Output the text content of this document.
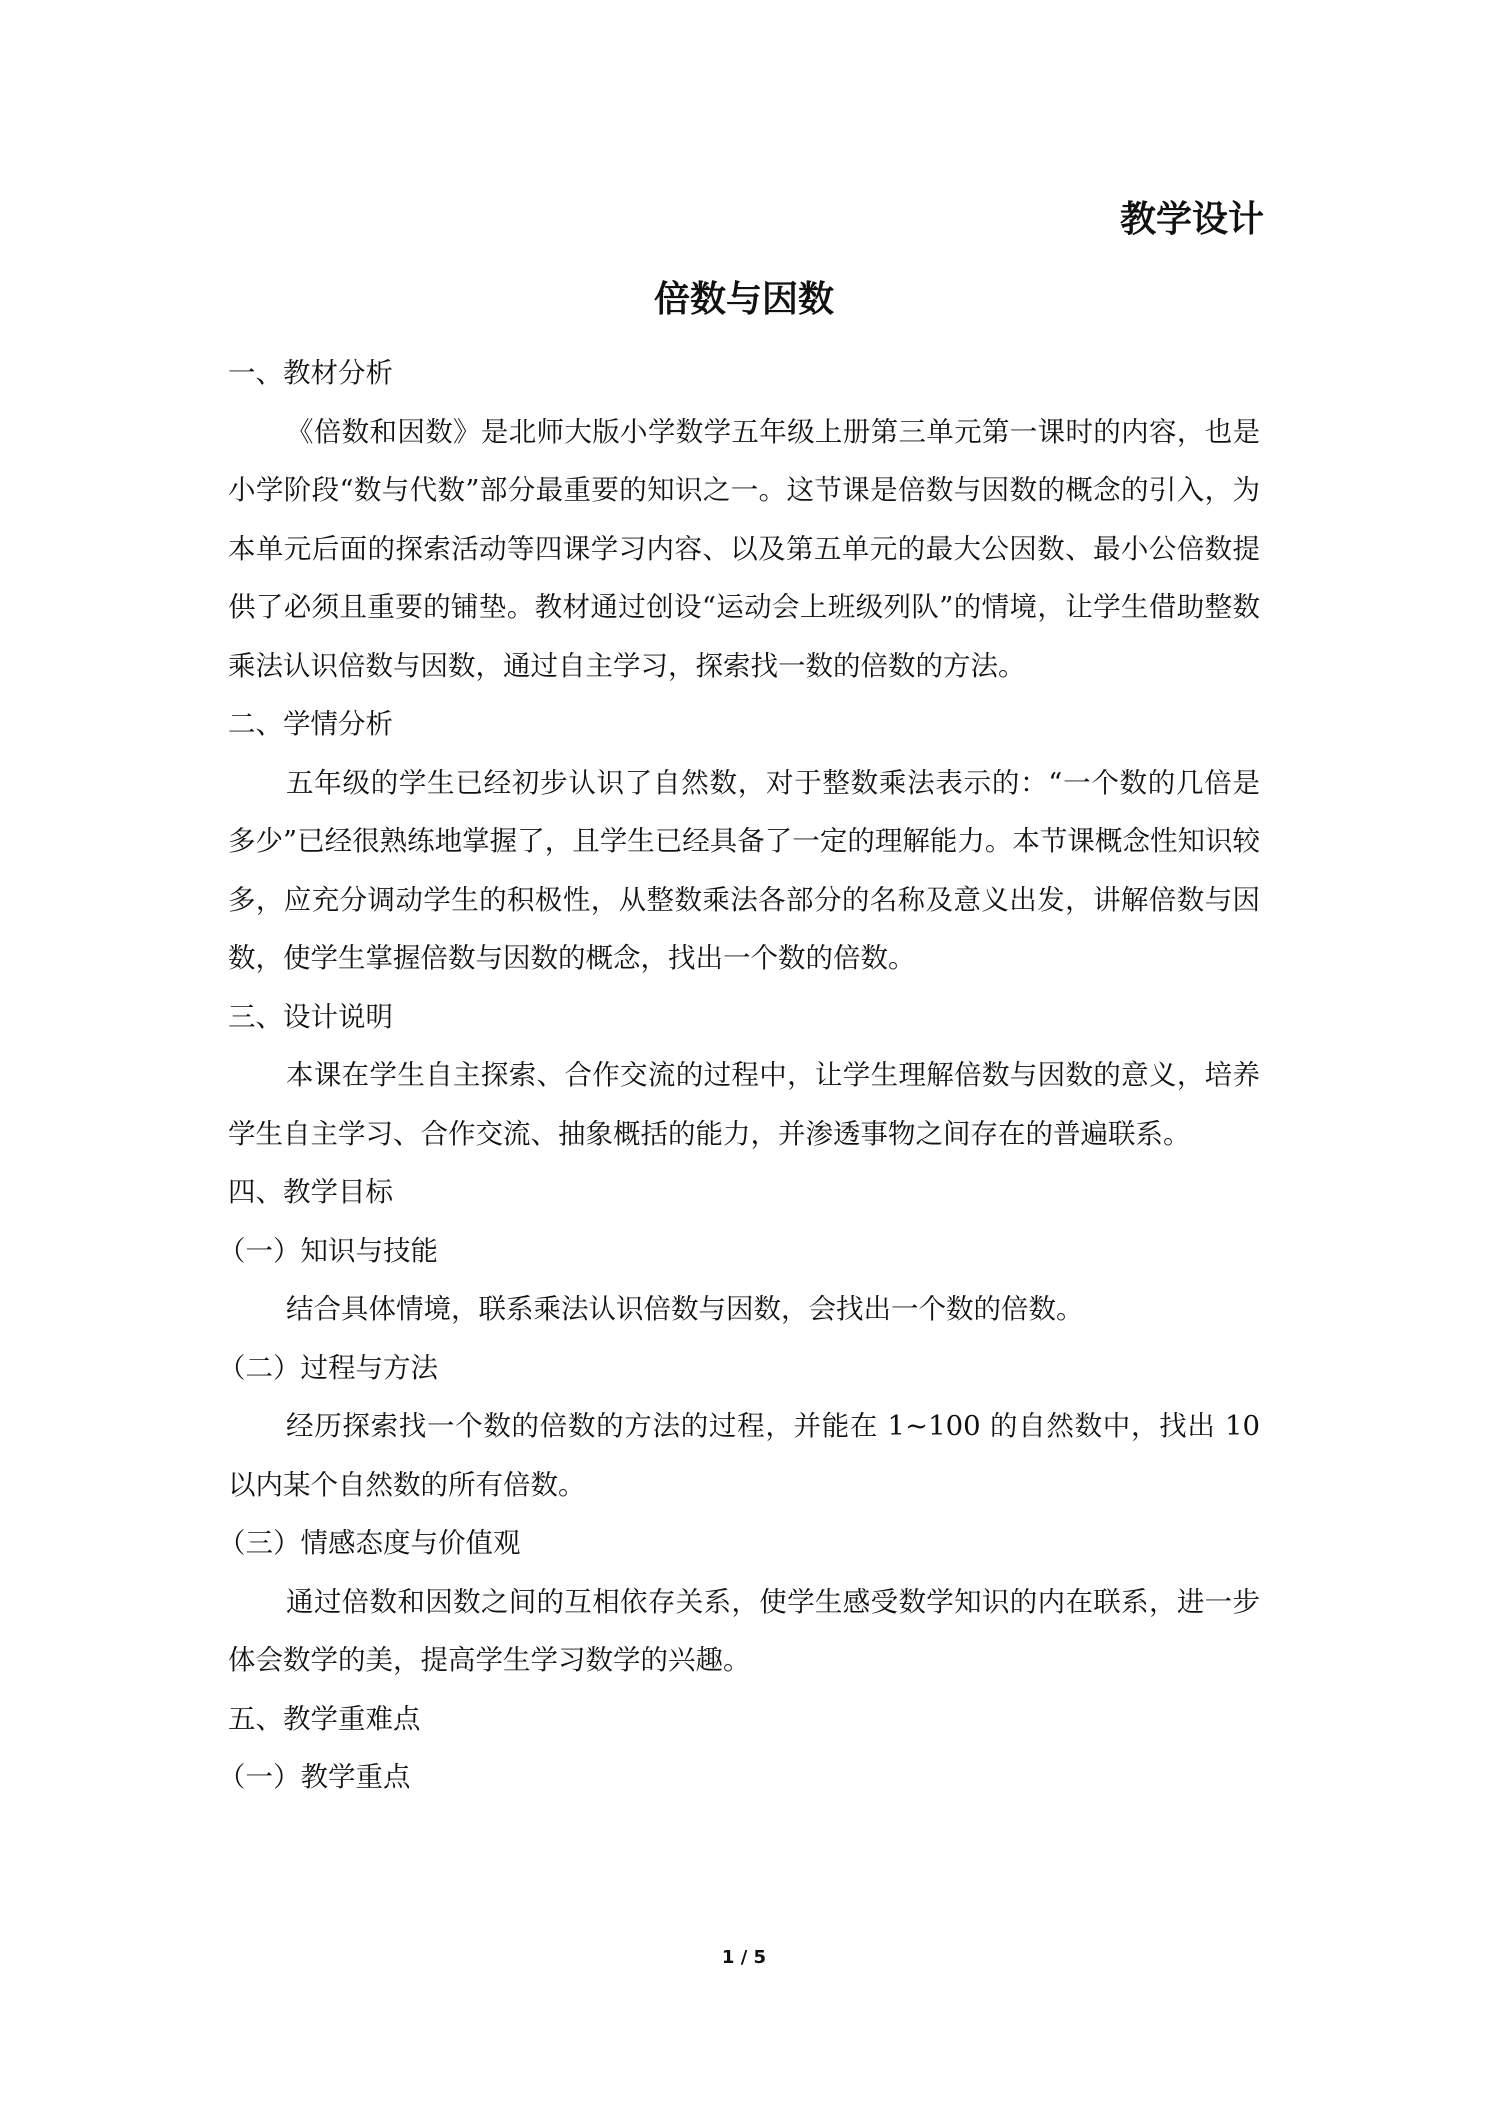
教学设计
倍数与因数

一、教材分析

《倍数和因数》是北师大版小学数学五年级上册第三单元第一课时的内容，也是小学阶段“数与代数”部分最重要的知识之一。这节课是倍数与因数的概念的引入，为本单元后面的探索活动等四课学习内容、以及第五单元的最大公因数、最小公倍数提供了必须且重要的铺垫。教材通过创设“运动会上班级列队”的情境，让学生借助整数乘法认识倍数与因数，通过自主学习，探索找一数的倍数的方法。

二、学情分析

五年级的学生已经初步认识了自然数，对于整数乘法表示的：“一个数的几倍是多少”已经很熟练地掌握了，且学生已经具备了一定的理解能力。本节课概念性知识较多，应充分调动学生的积极性，从整数乘法各部分的名称及意义出发，讲解倍数与因数，使学生掌握倍数与因数的概念，找出一个数的倍数。

三、设计说明

本课在学生自主探索、合作交流的过程中，让学生理解倍数与因数的意义，培养学生自主学习、合作交流、抽象概括的能力，并渗透事物之间存在的普遍联系。

四、教学目标

（一）知识与技能

结合具体情境，联系乘法认识倍数与因数，会找出一个数的倍数。

（二）过程与方法

经历探索找一个数的倍数的方法的过程，并能在 1~100 的自然数中，找出 10 以内某个自然数的所有倍数。

（三）情感态度与价值观

通过倍数和因数之间的互相依存关系，使学生感受数学知识的内在联系，进一步体会数学的美，提高学生学习数学的兴趣。

五、教学重难点

（一）教学重点

1 / 5
